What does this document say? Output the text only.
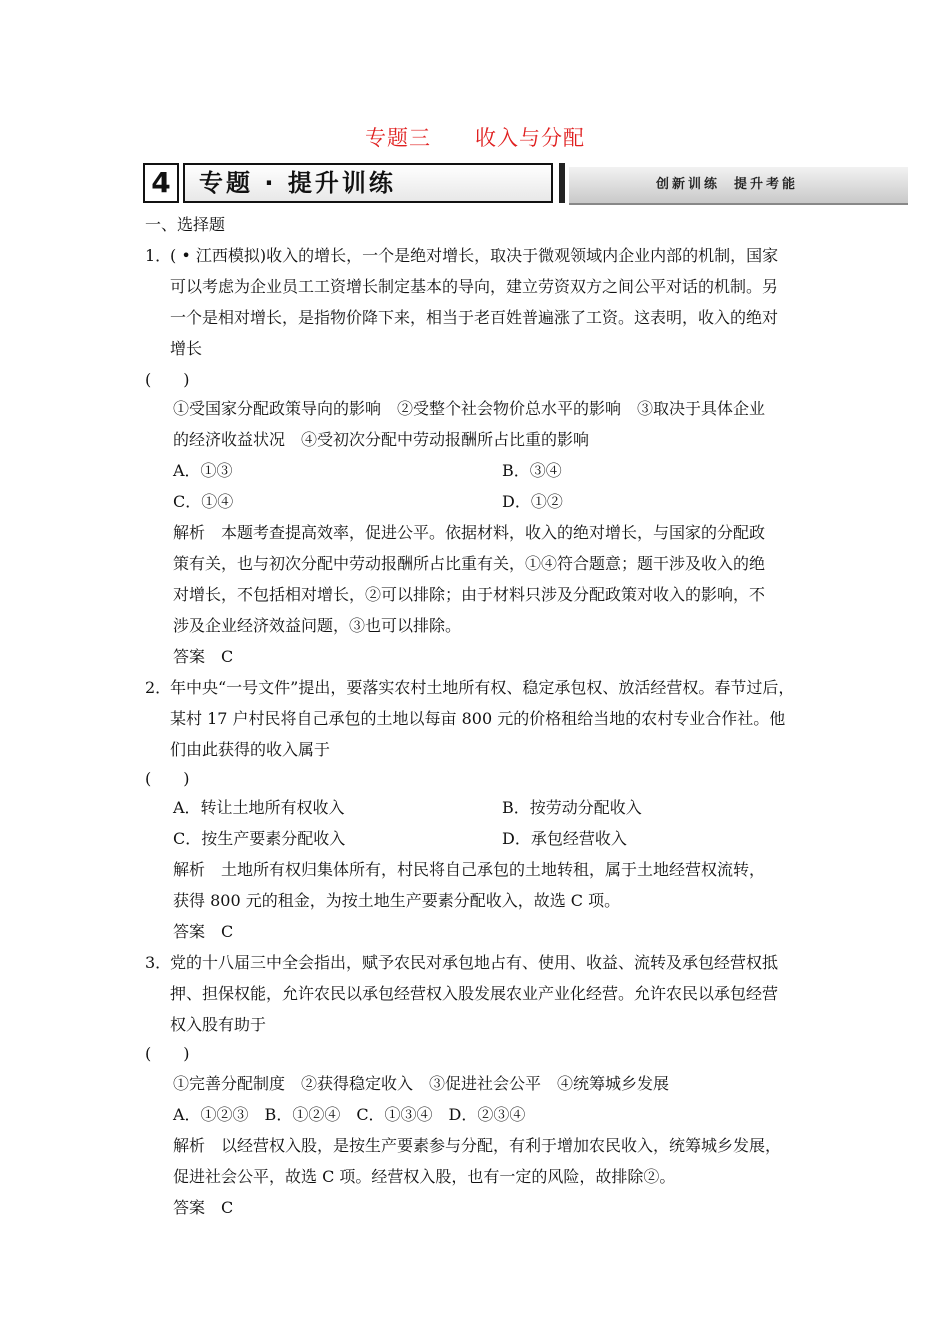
专题三 收入与分配
4	专题 · 提升训练	创新训练 提升考能
一、选择题
1．
( • 江西模拟)收入的增长，一个是绝对增长，取决于微观领域内企业内部的机制，国家
可以考虑为企业员工工资增长制定基本的导向，建立劳资双方之间公平对话的机制。另
一个是相对增长，是指物价降下来，相当于老百姓普遍涨了工资。这表明，收入的绝对
增长
(　　)
①受国家分配政策导向的影响　②受整个社会物价总水平的影响　③取决于具体企业
的经济收益状况　④受初次分配中劳动报酬所占比重的影响
A．①③	B．③④
C．①④	D．①②
解析　本题考查提高效率，促进公平。依据材料，收入的绝对增长，与国家的分配政
策有关，也与初次分配中劳动报酬所占比重有关，①④符合题意；题干涉及收入的绝
对增长，不包括相对增长，②可以排除；由于材料只涉及分配政策对收入的影响，不
涉及企业经济效益问题，③也可以排除。
答案　C
2．
年中央“一号文件”提出，要落实农村土地所有权、稳定承包权、放活经营权。春节过后，
某村 17 户村民将自己承包的土地以每亩 800 元的价格租给当地的农村专业合作社。他
们由此获得的收入属于
(　　)
A．转让土地所有权收入	B．按劳动分配收入
C．按生产要素分配收入	D．承包经营收入
解析　土地所有权归集体所有，村民将自己承包的土地转租，属于土地经营权流转，
获得 800 元的租金，为按土地生产要素分配收入，故选 C 项。
答案　C
3．
党的十八届三中全会指出，赋予农民对承包地占有、使用、收益、流转及承包经营权抵
押、担保权能，允许农民以承包经营权入股发展农业产业化经营。允许农民以承包经营
权入股有助于
(　　)
①完善分配制度　②获得稳定收入　③促进社会公平　④统筹城乡发展
A．①②③　B．①②④　C．①③④　D．②③④
解析　以经营权入股，是按生产要素参与分配，有利于增加农民收入，统筹城乡发展，
促进社会公平，故选 C 项。经营权入股，也有一定的风险，故排除②。
答案　C
